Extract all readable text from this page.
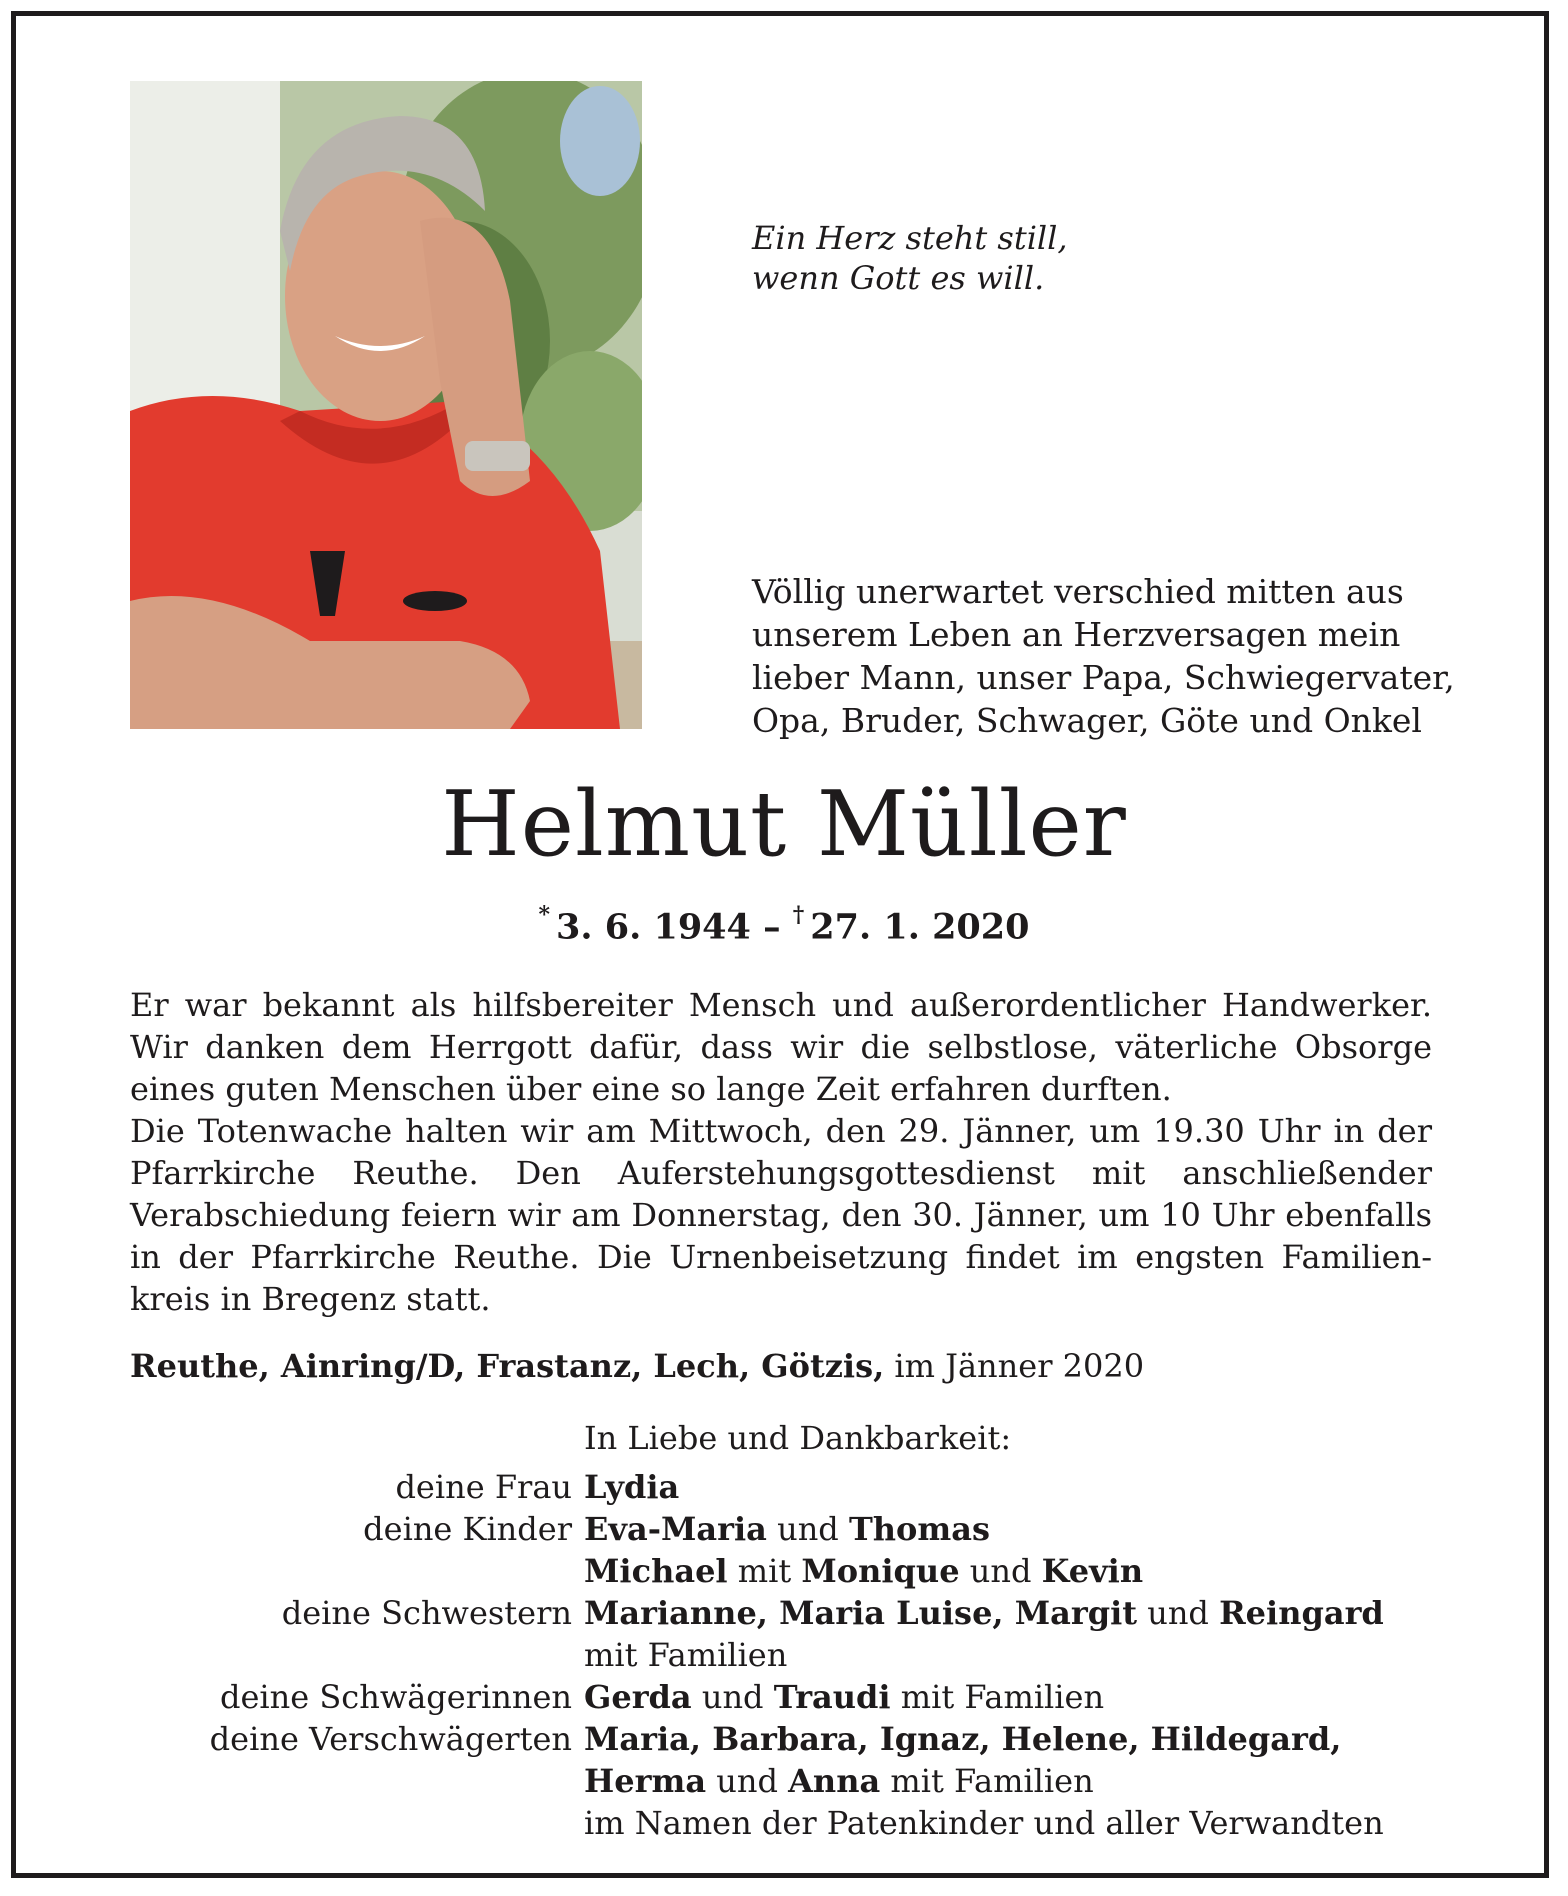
Ein Herz steht still,
wenn Gott es will.
Völlig unerwartet verschied mitten aus
unserem Leben an Herzversagen mein
lieber Mann, unser Papa, Schwiegervater,
Opa, Bruder, Schwager, Göte und Onkel
Helmut Müller
* 3. 6. 1944 – † 27. 1. 2020
Er war bekannt als hilfsbereiter Mensch und außerordentlicher Handwerker.
Wir danken dem Herrgott dafür, dass wir die selbstlose, väterliche Obsorge
eines guten Menschen über eine so lange Zeit erfahren durften.
Die Totenwache halten wir am Mittwoch, den 29. Jänner, um 19.30 Uhr in der
Pfarrkirche Reuthe. Den Auferstehungsgottesdienst mit anschließender
Verabschiedung feiern wir am Donnerstag, den 30. Jänner, um 10 Uhr ebenfalls
in der Pfarrkirche Reuthe. Die Urnenbeisetzung findet im engsten Familien-
kreis in Bregenz statt.
Reuthe, Ainring/D, Frastanz, Lech, Götzis, im Jänner 2020
In Liebe und Dankbarkeit:
deine Frau Lydia
deine Kinder Eva-Maria und Thomas
Michael mit Monique und Kevin
deine Schwestern Marianne, Maria Luise, Margit und Reingard
mit Familien
deine Schwägerinnen Gerda und Traudi mit Familien
deine Verschwägerten Maria, Barbara, Ignaz, Helene, Hildegard,
Herma und Anna mit Familien
im Namen der Patenkinder und aller Verwandten
